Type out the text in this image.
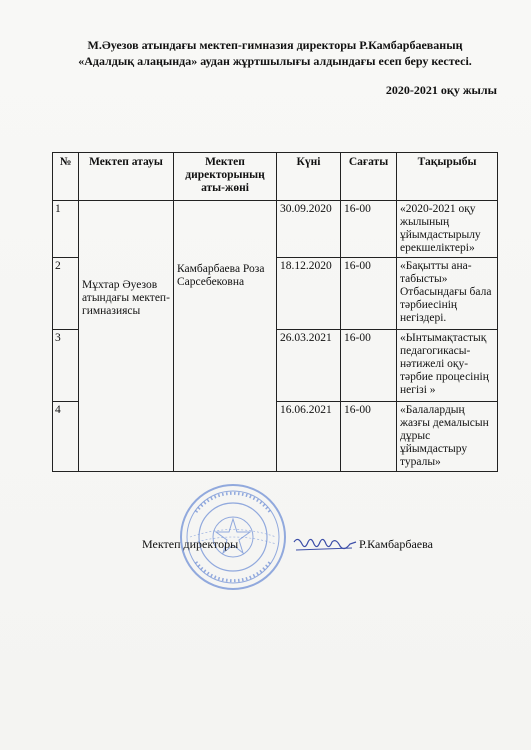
М.Әуезов атындағы мектеп-гимназия директоры Р.Камбарбаеваның
«Адалдық алаңында» аудан жұртшылығы алдындағы есеп беру кестесі.
2020-2021 оқу жылы
№	Мектеп атауы	Мектеп директорының аты-жөні	Күні	Сағаты	Тақырыбы
1	Мұхтар Әуезов атындағы мектеп-гимназиясы	Камбарбаева Роза Сарсебековна	30.09.2020	16-00	«2020-2021 оқу жылының ұйымдастырылу ерекшеліктері»
2			18.12.2020	16-00	«Бақытты ана-табысты» Отбасындағы бала тәрбиесінің негіздері.
3			26.03.2021	16-00	«Ынтымақтастық педагогикасы-нәтижелі оқу-тәрбие процесінің негізі »
4			16.06.2021	16-00	«Балалардың жазғы демалысын дұрыс ұйымдастыру туралы»
Мектеп директоры	Р.Камбарбаева
